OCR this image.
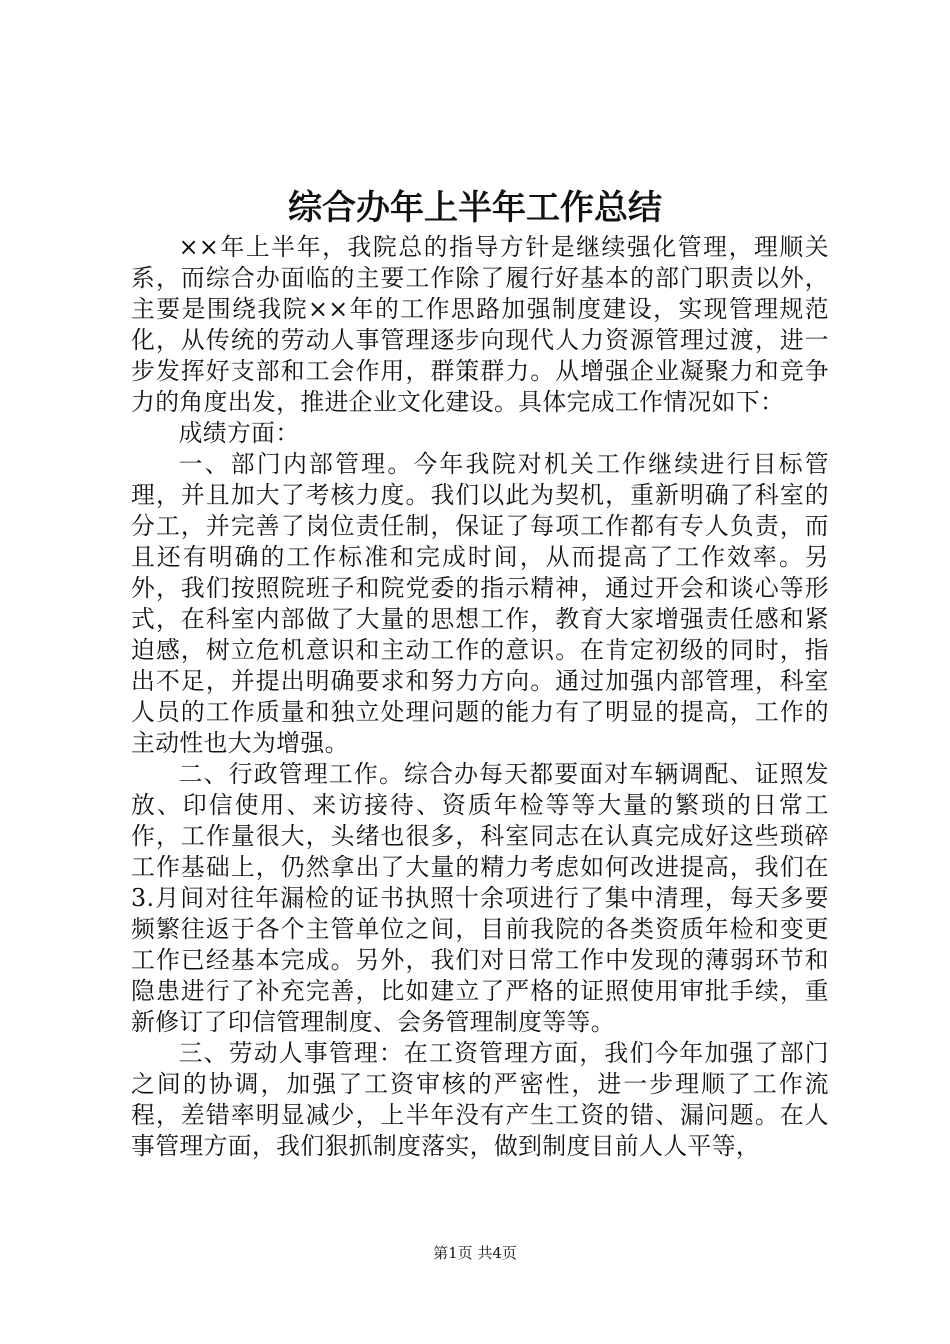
综合办年上半年工作总结

××年上半年，我院总的指导方针是继续强化管理，理顺关系，而综合办面临的主要工作除了履行好基本的部门职责以外，主要是围绕我院××年的工作思路加强制度建设，实现管理规范化，从传统的劳动人事管理逐步向现代人力资源管理过渡，进一步发挥好支部和工会作用，群策群力。从增强企业凝聚力和竞争力的角度出发，推进企业文化建设。具体完成工作情况如下：

成绩方面：

一、部门内部管理。今年我院对机关工作继续进行目标管理，并且加大了考核力度。我们以此为契机，重新明确了科室的分工，并完善了岗位责任制，保证了每项工作都有专人负责，而且还有明确的工作标准和完成时间，从而提高了工作效率。另外，我们按照院班子和院党委的指示精神，通过开会和谈心等形式，在科室内部做了大量的思想工作，教育大家增强责任感和紧迫感，树立危机意识和主动工作的意识。在肯定初级的同时，指出不足，并提出明确要求和努力方向。通过加强内部管理，科室人员的工作质量和独立处理问题的能力有了明显的提高，工作的主动性也大为增强。

二、行政管理工作。综合办每天都要面对车辆调配、证照发放、印信使用、来访接待、资质年检等等大量的繁琐的日常工作，工作量很大，头绪也很多，科室同志在认真完成好这些琐碎工作基础上，仍然拿出了大量的精力考虑如何改进提高，我们在 3.月间对往年漏检的证书执照十余项进行了集中清理，每天多要频繁往返于各个主管单位之间，目前我院的各类资质年检和变更工作已经基本完成。另外，我们对日常工作中发现的薄弱环节和隐患进行了补充完善，比如建立了严格的证照使用审批手续，重新修订了印信管理制度、会务管理制度等等。

三、劳动人事管理：在工资管理方面，我们今年加强了部门之间的协调，加强了工资审核的严密性，进一步理顺了工作流程，差错率明显减少，上半年没有产生工资的错、漏问题。在人事管理方面，我们狠抓制度落实，做到制度目前人人平等，

第1页 共4页
